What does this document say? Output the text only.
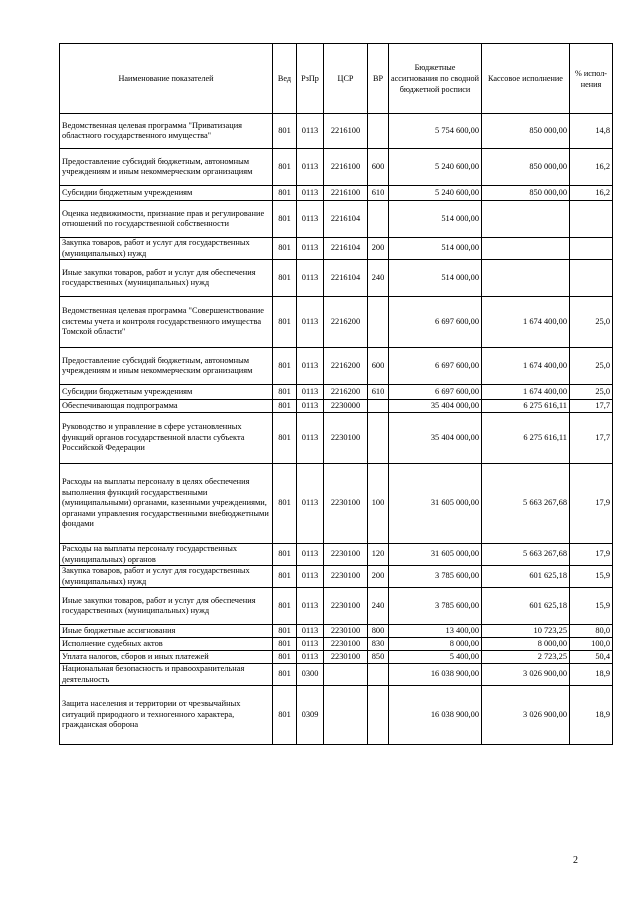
Наименование показателей	Вед	РзПр	ЦСР	ВР	Бюджетные ассигнования по сводной бюджетной росписи	Кассовое исполнение	% испол-нения
Ведомственная целевая программа "Приватизация областного государственного имущества"	801	0113	2216100		5 754 600,00	850 000,00	14,8
Предоставление субсидий бюджетным, автономным учреждениям и иным некоммерческим организациям	801	0113	2216100	600	5 240 600,00	850 000,00	16,2
Субсидии бюджетным учреждениям	801	0113	2216100	610	5 240 600,00	850 000,00	16,2
Оценка недвижимости, признание прав и регулирование отношений по государственной собственности	801	0113	2216104		514 000,00		
Закупка товаров, работ и услуг для государственных (муниципальных) нужд	801	0113	2216104	200	514 000,00		
Иные закупки товаров, работ и услуг для обеспечения государственных (муниципальных) нужд	801	0113	2216104	240	514 000,00		
Ведомственная целевая программа "Совершенствование системы учета и контроля государственного имущества Томской области"	801	0113	2216200		6 697 600,00	1 674 400,00	25,0
Предоставление субсидий бюджетным, автономным учреждениям и иным некоммерческим организациям	801	0113	2216200	600	6 697 600,00	1 674 400,00	25,0
Субсидии бюджетным учреждениям	801	0113	2216200	610	6 697 600,00	1 674 400,00	25,0
Обеспечивающая подпрограмма	801	0113	2230000		35 404 000,00	6 275 616,11	17,7
Руководство и управление в сфере установленных функций органов государственной власти субъекта Российской Федерации	801	0113	2230100		35 404 000,00	6 275 616,11	17,7
Расходы на выплаты персоналу в целях обеспечения выполнения функций государственными (муниципальными) органами, казенными учреждениями, органами управления государственными внебюджетными фондами	801	0113	2230100	100	31 605 000,00	5 663 267,68	17,9
Расходы на выплаты персоналу государственных (муниципальных) органов	801	0113	2230100	120	31 605 000,00	5 663 267,68	17,9
Закупка товаров, работ и услуг для государственных (муниципальных) нужд	801	0113	2230100	200	3 785 600,00	601 625,18	15,9
Иные закупки товаров, работ и услуг для обеспечения государственных (муниципальных) нужд	801	0113	2230100	240	3 785 600,00	601 625,18	15,9
Иные бюджетные ассигнования	801	0113	2230100	800	13 400,00	10 723,25	80,0
Исполнение судебных актов	801	0113	2230100	830	8 000,00	8 000,00	100,0
Уплата налогов, сборов и иных платежей	801	0113	2230100	850	5 400,00	2 723,25	50,4
Национальная безопасность и правоохранительная деятельность	801	0300			16 038 900,00	3 026 900,00	18,9
Защита населения и территории от чрезвычайных ситуаций природного и техногенного характера, гражданская оборона	801	0309			16 038 900,00	3 026 900,00	18,9
2
